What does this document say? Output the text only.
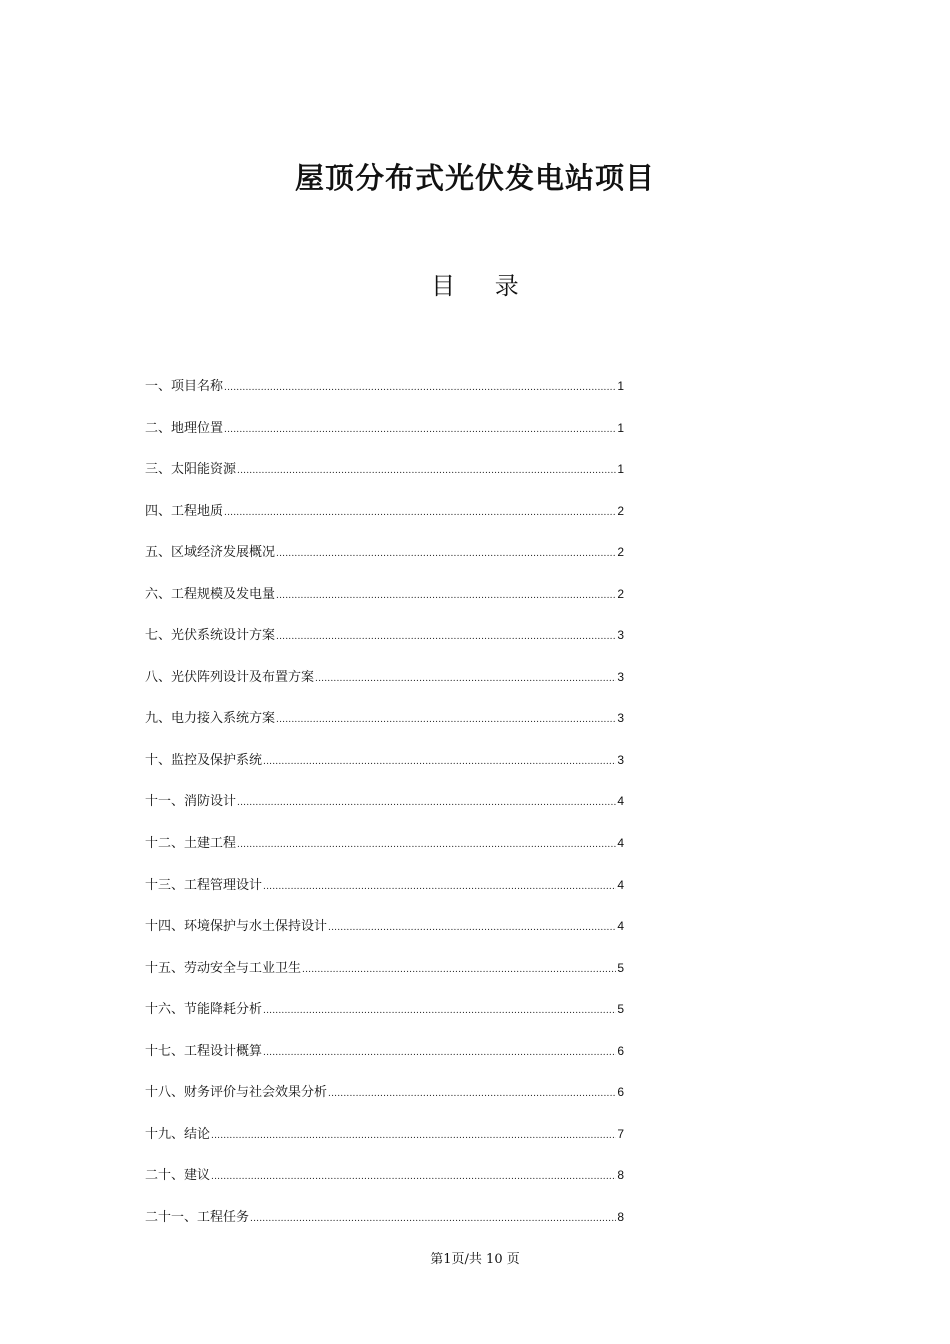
屋顶分布式光伏发电站项目
目 录
一、项目名称 .....	1
二、地理位置 .....	1
三、太阳能资源 .....	1
四、工程地质 .....	2
五、区域经济发展概况 .....	2
六、工程规模及发电量 .....	2
七、光伏系统设计方案 .....	3
八、光伏阵列设计及布置方案 .....	3
九、电力接入系统方案 .....	3
十、监控及保护系统 .....	3
十一、消防设计 .....	4
十二、土建工程 .....	4
十三、工程管理设计 .....	4
十四、环境保护与水土保持设计 .....	4
十五、劳动安全与工业卫生 .....	5
十六、节能降耗分析 .....	5
十七、工程设计概算 .....	6
十八、财务评价与社会效果分析 .....	6
十九、结论 .....	7
二十、建议 .....	8
二十一、工程任务 .....	8
第1页/共 10 页
